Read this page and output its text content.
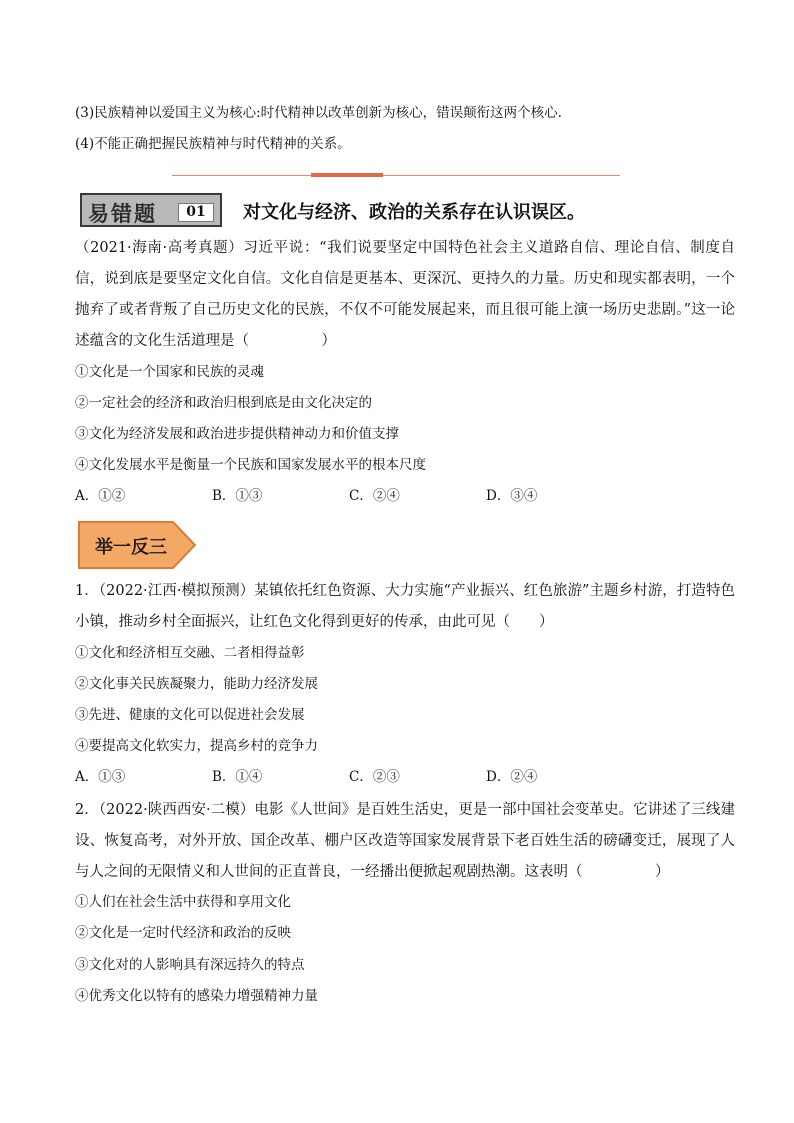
(3)民族精神以爱国主义为核心:时代精神以改革创新为核心，错误颠衔这两个核心.
(4)不能正确把握民族精神与时代精神的关系。
易错题	01	对文化与经济、政治的关系存在认识误区。
（2021·海南·高考真题）习近平说：“我们说要坚定中国特色社会主义道路自信、理论自信、制度自信，说到底是要坚定文化自信。文化自信是更基本、更深沉、更持久的力量。历史和现实都表明，一个抛弃了或者背叛了自己历史文化的民族，不仅不可能发展起来，而且很可能上演一场历史悲剧。”这一论述蕴含的文化生活道理是（　　　　　）
①文化是一个国家和民族的灵魂
②一定社会的经济和政治归根到底是由文化决定的
③文化为经济发展和政治进步提供精神动力和价值支撑
④文化发展水平是衡量一个民族和国家发展水平的根本尺度
A．①②	B．①③	C．②④	D．③④
举一反三
1．（2022·江西·模拟预测）某镇依托红色资源、大力实施“产业振兴、红色旅游”主题乡村游，打造特色小镇，推动乡村全面振兴，让红色文化得到更好的传承，由此可见（　　）
①文化和经济相互交融、二者相得益彰
②文化事关民族凝聚力，能助力经济发展
③先进、健康的文化可以促进社会发展
④要提高文化软实力，提高乡村的竞争力
A．①③	B．①④	C．②③	D．②④
2．（2022·陕西西安·二模）电影《人世间》是百姓生活史，更是一部中国社会变革史。它讲述了三线建设、恢复高考，对外开放、国企改革、棚户区改造等国家发展背景下老百姓生活的磅礴变迁，展现了人与人之间的无限情义和人世间的正直普良，一经播出便掀起观剧热潮。这表明（　　　　　）
①人们在社会生活中获得和享用文化
②文化是一定时代经济和政治的反映
③文化对的人影响具有深远持久的特点
④优秀文化以特有的感染力增强精神力量
